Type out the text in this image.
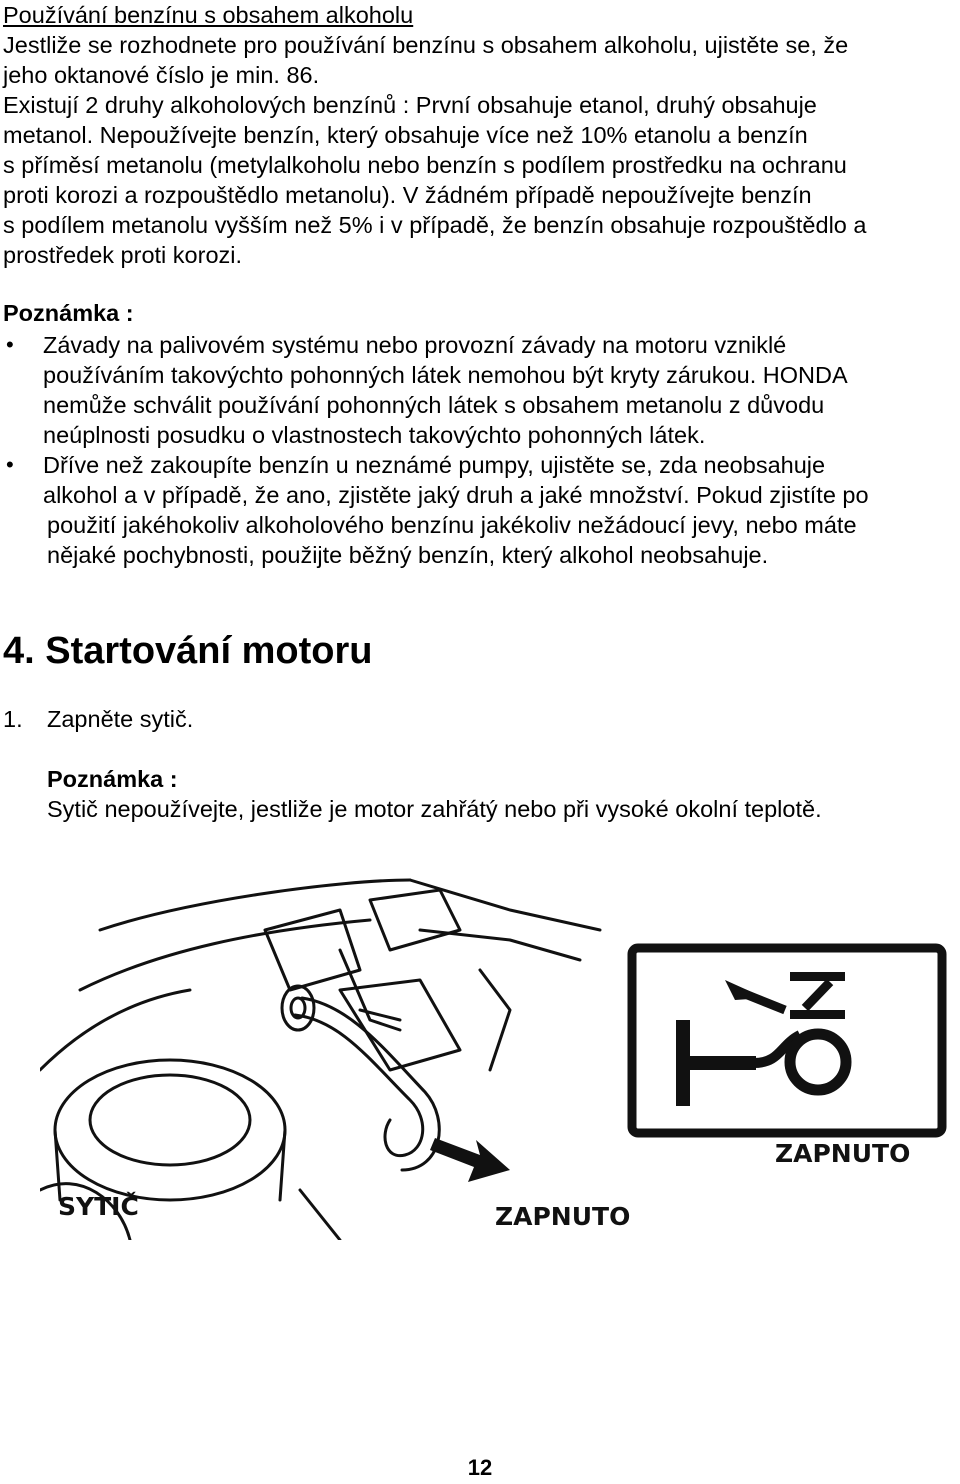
Používání benzínu s obsahem alkoholu
Jestliže se rozhodnete pro používání benzínu s obsahem alkoholu, ujistěte se, že
jeho oktanové číslo je min. 86.
Existují 2 druhy alkoholových benzínů : První obsahuje etanol, druhý obsahuje
metanol. Nepoužívejte benzín, který obsahuje více než 10% etanolu a benzín
s příměsí metanolu (metylalkoholu nebo benzín s podílem prostředku na ochranu
proti korozi a rozpouštědlo metanolu). V žádném případě nepoužívejte benzín
s podílem metanolu vyšším než 5% i v případě, že benzín obsahuje rozpouštědlo a
prostředek proti korozi.
Poznámka :
• Závady na palivovém systému nebo provozní závady na motoru vzniklé
používáním takovýchto pohonných látek nemohou být kryty zárukou. HONDA
nemůže schválit používání pohonných látek s obsahem metanolu z důvodu
neúplnosti posudku o vlastnostech takovýchto pohonných látek.
• Dříve než zakoupíte benzín u neznámé pumpy, ujistěte se, zda neobsahuje
alkohol a v případě, že ano, zjistěte jaký druh a jaké množství. Pokud zjistíte po
použití jakéhokoliv alkoholového benzínu jakékoliv nežádoucí jevy, nebo máte
nějaké pochybnosti, použijte běžný benzín, který alkohol neobsahuje.
4. Startování motoru
1. Zapněte sytič.
Poznámka :
Sytič nepoužívejte, jestliže je motor zahřátý nebo při vysoké okolní teplotě.
SYTIČ	ZAPNUTO
ZAPNUTO
12
